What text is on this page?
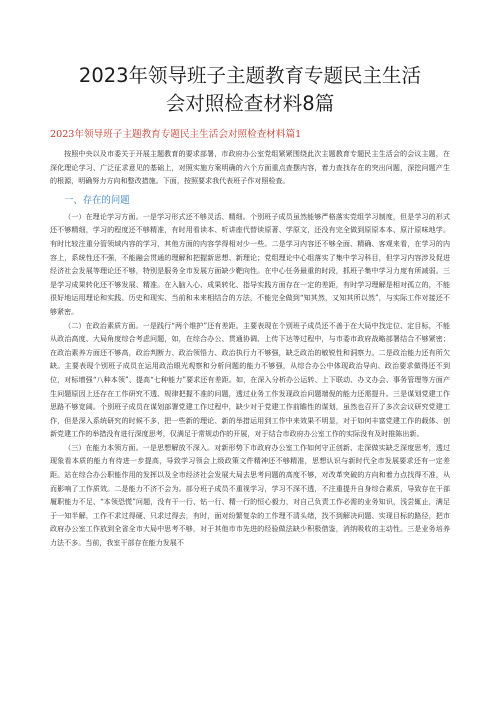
2023年领导班子主题教育专题民主生活
会对照检查材料8篇
2023年领导班子主题教育专题民主生活会对照检查材料篇1

按照中央以及市委关于开展主题教育的要求部署，市政府办公室党组紧紧围绕此次主题教育专题民主生活会的会议主题，在深化理论学习、广泛征求意见的基础上，对照实施方案明确的六个方面重点查摆内容，着力查找存在的突出问题，深挖问题产生的根源，明确努力方向和整改措施。下面，按照要求我代表班子作对照检查。

一、存在的问题

（一）在理论学习方面。一是学习形式还不够灵活、精细。个别班子成员虽然能够严格落实党组学习制度，但是学习的形式还不够精细，学习的程度还不够精准，有时用看读本、听讲座代替读原著、学原文，还没有完全做到原原本本、原汁原味地学。有时比较注重分管领域内容的学习，其他方面的内容学得相对少一些。二是学习内容还不够全面、精确、客观来看，在学习的内容上，系统性还不强，不能融会贯通的理解和把握新思想、新理论；党组理论中心组落实了集中学习科目，但学习内容涉及促进经济社会发展等理论还不够，特别是服务全市发展方面缺少靶向性。在中心任务最重的时段，抓班子集中学习力度有所减弱。三是学习成果转化还不够发展、精准。在入脑入心、成果转化、指导实践方面存在一定的差距，有时学习理解是相对孤立的，不能很好地运用理论和实践、历史和现实、当前和未来相结合的方法，不能完全做到“知其然，又知其所以然”，与实际工作对接还不够紧密。

（二）在政治素质方面。一是践行“两个维护”还有差距。主要表现在个别班子成员还不善于在大局中找定位、定目标，不能从政治高度、大局角度综合考虑问题，如，在综合办公、贯通协调、上传下达等过程中，与市委市政府战略部署结合不够紧密；在政治素养方面还不够高，政治判断力、政治领悟力、政治执行力不够强，缺乏政治的敏锐性和洞察力。二是政治能力还有所欠缺。主要表现个别班子成员在运用政治眼光观察和分析问题的能力不够强，从综合办公中体现政治导向、政治要求做得还不到位，对标增强“八种本领”、提高“七种能力”要求还有差距。如，在深入分析办公运转、上下联动、办文办会、事务管理等方面产生问题原因上还存在工作研究不透、规律把握不准的问题，透过业务工作发现政治问题端倪的能力还需提升。三是谋划党建工作思路不够宽阔。个别班子成员在谋划部署党建工作过程中，缺少对于党建工作前瞻性的谋划，虽然也召开了多次会议研究党建工作，但是深入系统研究的时候不多，把一些新的理论、新的举措运用到工作中来效果不明显，对于如何丰富党建工作的载体、创新党建工作的举措没有进行深度思考，仅满足于常规动作的开展，对于结合市政府办公室工作的实际没有及时推陈出新。

（三）在能力本领方面。一是思想解放不深入。对新形势下市政府办公室工作如何守正创新、走深做实缺乏深度思考，透过现象看本质的能力有待进一步提高，导致学习领会上级政策文件精神还不够精准，思想认识与新时代全市发展要求还有一定差距。站在综合办公职能作用的发挥以及全市经济社会发展大局去思考问题的高度不够，对改革突破的方向和着力点找得不准，从而影响了工作质效。二是能力不济不会为。部分班子成员不重视学习，学习不深不透，不注重提升自身综合素质，导致存在干部履职能力不足、“本领恐慌”问题，没有干一行、钻一行、精一行的恒心毅力，对自己负责工作必需的业务知识，浅尝辄止，满足于一知半解，工作不求过得硬、只求过得去，有时，面对纷繁复杂的工作理不清头绪，找不到解决问题、实现目标的路径，把市政府办公室工作放到全省全市大局中思考不够，对于其他市市先进的经验做法缺少积极借鉴，消纳吸收的主动性。三是业务培养力法不多。当前，我室干部存在能力发展不
